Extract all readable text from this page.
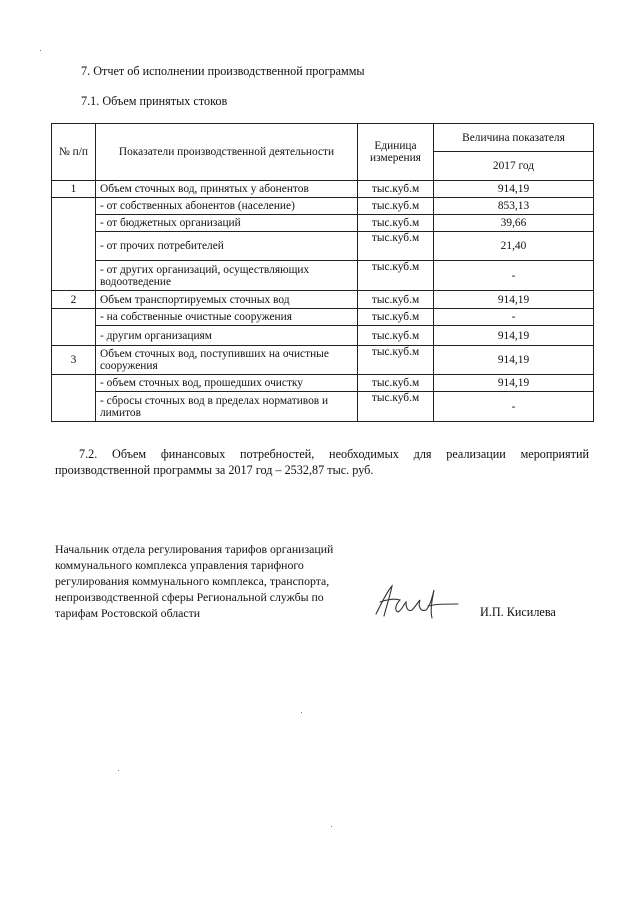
7. Отчет об исполнении производственной программы
7.1. Объем принятых стоков
№ п/п	Показатели производственной деятельности	Единица измерения	Величина показателя
			2017 год
1	Объем сточных вод, принятых у абонентов	тыс.куб.м	914,19
	- от собственных абонентов (население)	тыс.куб.м	853,13
	- от бюджетных организаций	тыс.куб.м	39,66
	- от прочих потребителей	тыс.куб.м	21,40
	- от других организаций, осуществляющих водоотведение	тыс.куб.м	-
2	Объем транспортируемых сточных вод	тыс.куб.м	914,19
	- на собственные очистные сооружения	тыс.куб.м	-
	- другим организациям	тыс.куб.м	914,19
3	Объем сточных вод, поступивших на очистные сооружения	тыс.куб.м	914,19
	- объем сточных вод, прошедших очистку	тыс.куб.м	914,19
	- сбросы сточных вод в пределах нормативов и лимитов	тыс.куб.м	-
7.2. Объем финансовых потребностей, необходимых для реализации мероприятий производственной программы за 2017 год – 2532,87 тыс. руб.
Начальник отдела регулирования тарифов организаций
коммунального комплекса управления тарифного
регулирования коммунального комплекса, транспорта,
непроизводственной сферы Региональной службы по
тарифам Ростовской области	И.П. Кисилева
